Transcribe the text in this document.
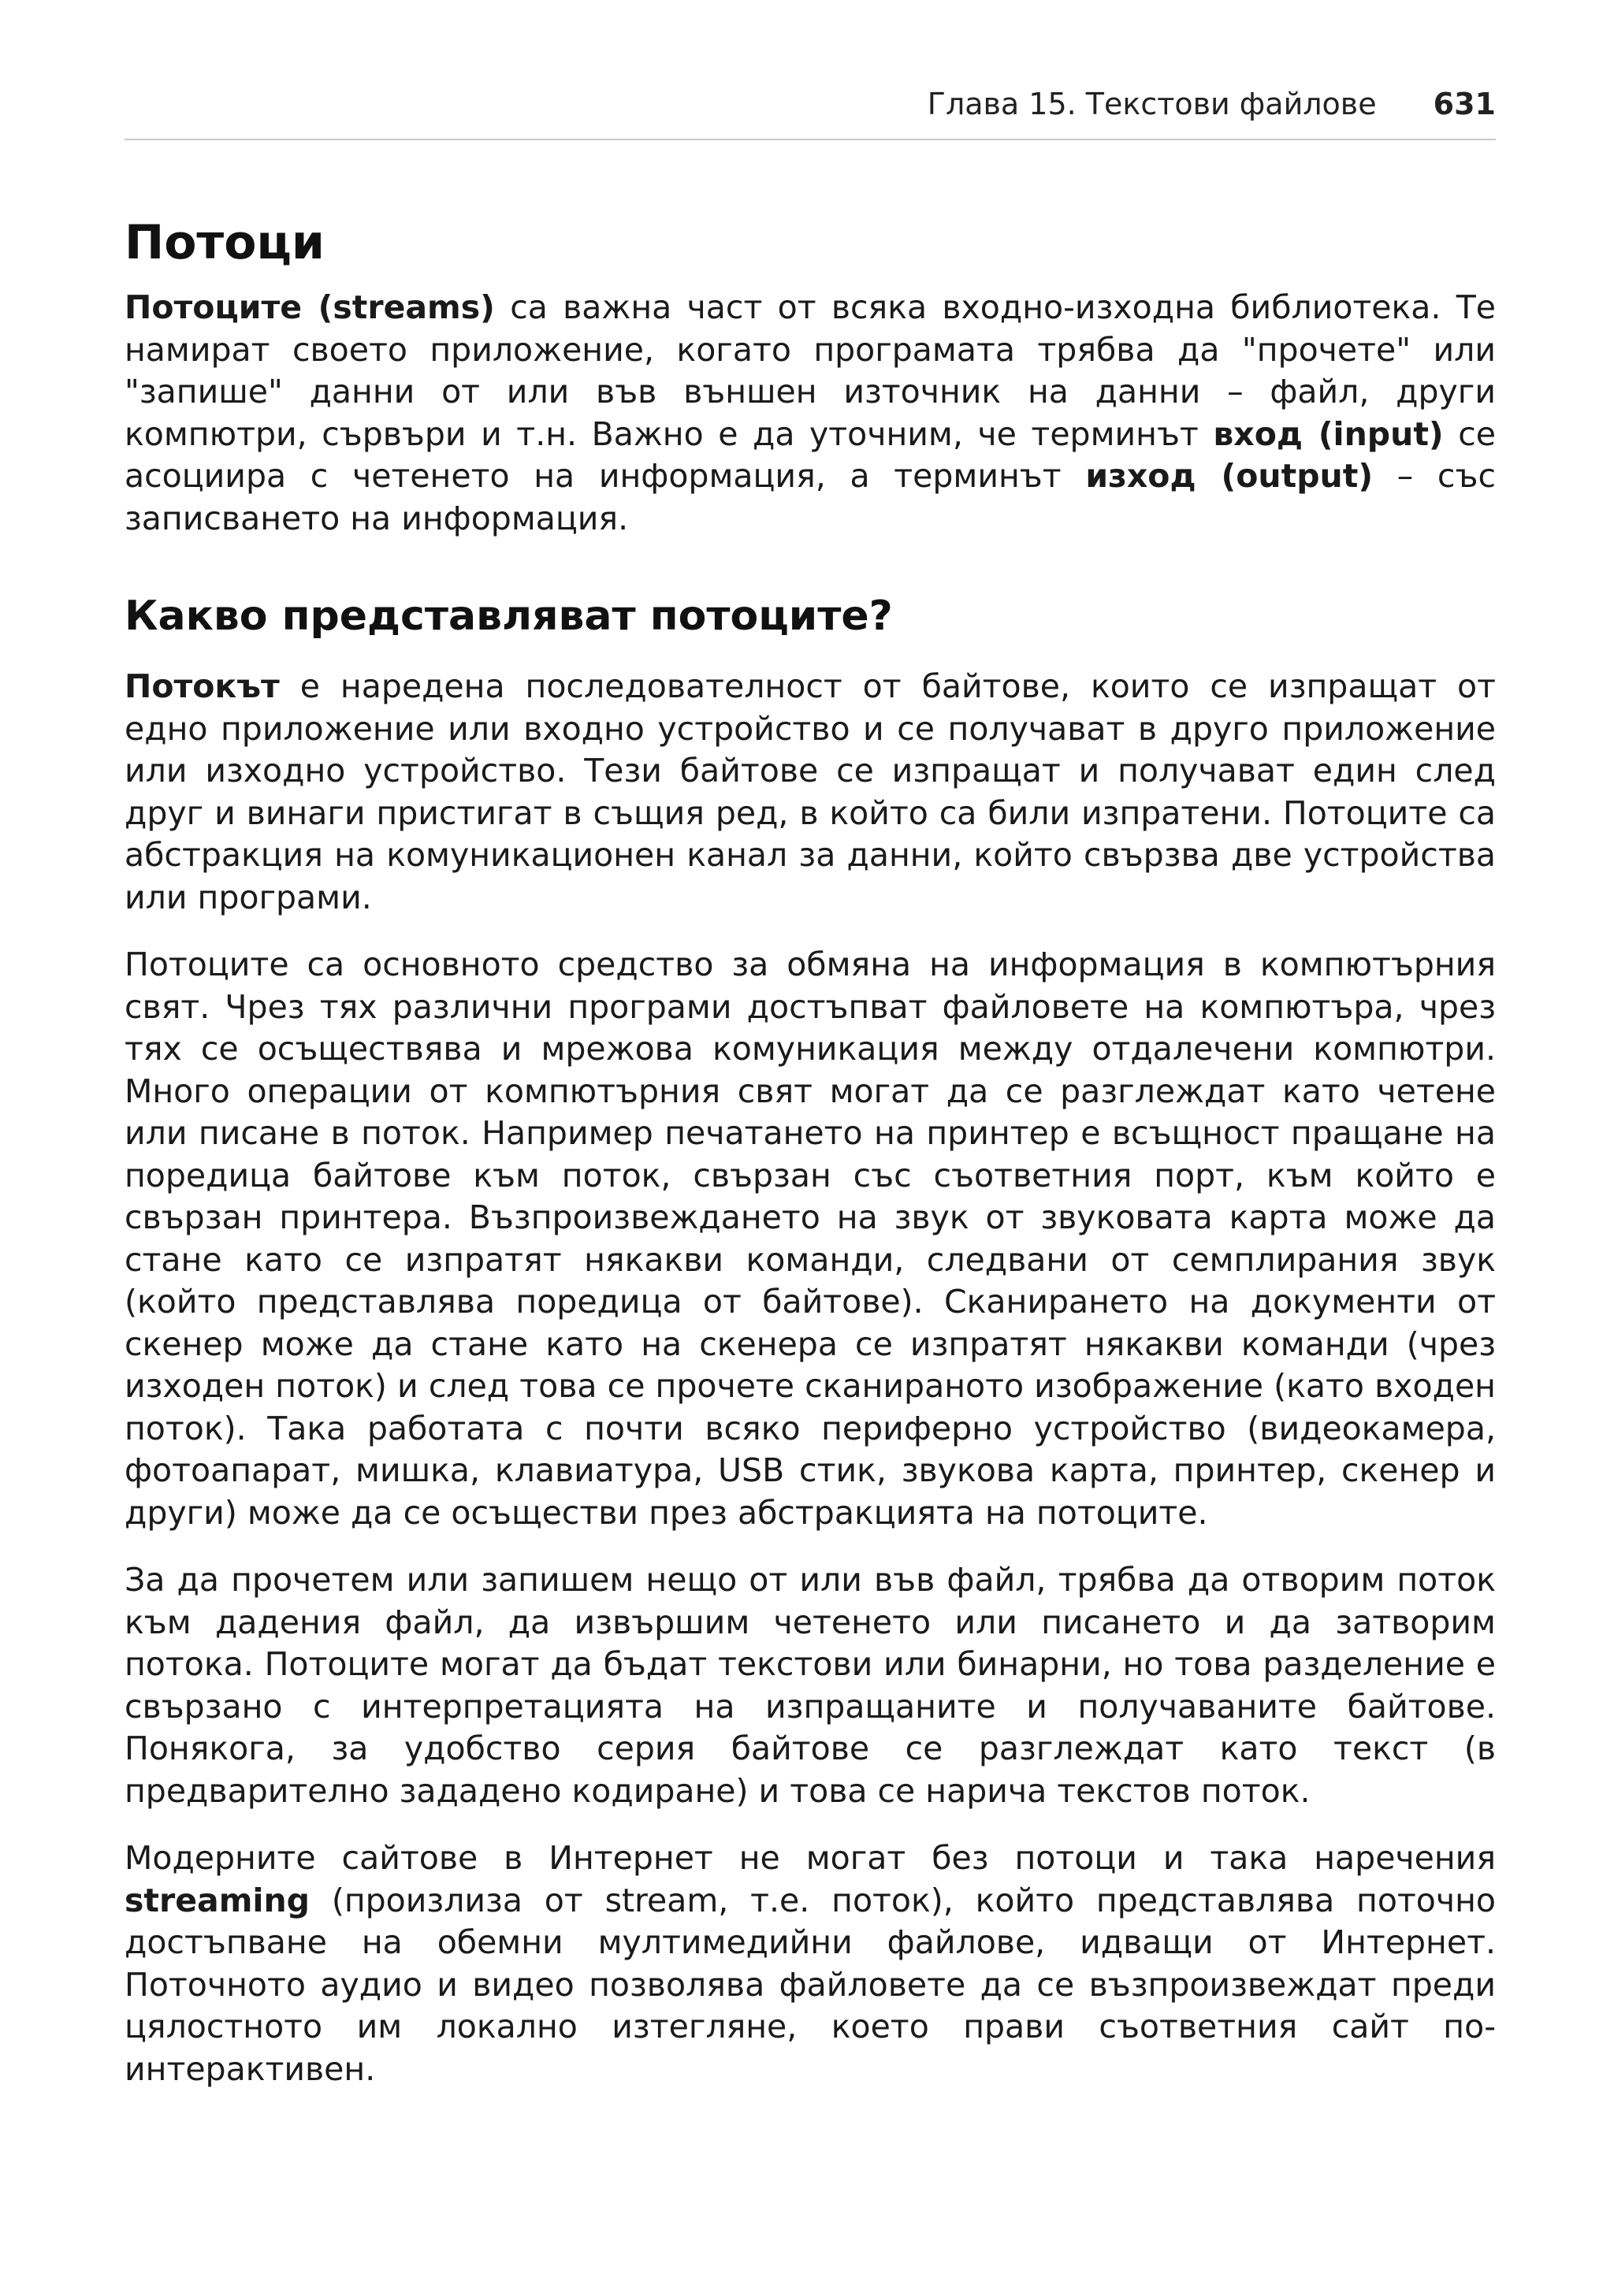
Глава 15. Текстови файлове 631
Потоци

Потоците (streams) са важна част от всяка входно-изходна библиотека. Те намират своето приложение, когато програмата трябва да "прочете" или "запише" данни от или във външен източник на данни – файл, други компютри, сървъри и т.н. Важно е да уточним, че терминът вход (input) се асоциира с четенето на информация, а терминът изход (output) – със записването на информация.

Какво представляват потоците?

Потокът е наредена последователност от байтове, които се изпращат от едно приложение или входно устройство и се получават в друго приложение или изходно устройство. Тези байтове се изпращат и получават един след друг и винаги пристигат в същия ред, в който са били изпратени. Потоците са абстракция на комуникационен канал за данни, който свързва две устройства или програми.

Потоците са основното средство за обмяна на информация в компютърния свят. Чрез тях различни програми достъпват файловете на компютъра, чрез тях се осъществява и мрежова комуникация между отдалечени компютри. Много операции от компютърния свят могат да се разглеждат като четене или писане в поток. Например печатането на принтер е всъщност пращане на поредица байтове към поток, свързан със съответния порт, към който е свързан принтера. Възпроизвеждането на звук от звуковата карта може да стане като се изпратят някакви команди, следвани от семплирания звук (който представлява поредица от байтове). Сканирането на документи от скенер може да стане като на скенера се изпратят някакви команди (чрез изходен поток) и след това се прочете сканираното изображение (като входен поток). Така работата с почти всяко периферно устройство (видеокамера, фотоапарат, мишка, клавиатура, USB стик, звукова карта, принтер, скенер и други) може да се осъществи през абстракцията на потоците.

За да прочетем или запишем нещо от или във файл, трябва да отворим поток към дадения файл, да извършим четенето или писането и да затворим потока. Потоците могат да бъдат текстови или бинарни, но това разделение е свързано с интерпретацията на изпращаните и получаваните байтове. Понякога, за удобство серия байтове се разглеждат като текст (в предварително зададено кодиране) и това се нарича текстов поток.

Модерните сайтове в Интернет не могат без потоци и така наречения streaming (произлиза от stream, т.е. поток), който представлява поточно достъпване на обемни мултимедийни файлове, идващи от Интернет. Поточното аудио и видео позволява файловете да се възпроизвеждат преди цялостното им локално изтегляне, което прави съответния сайт по-интерактивен.
